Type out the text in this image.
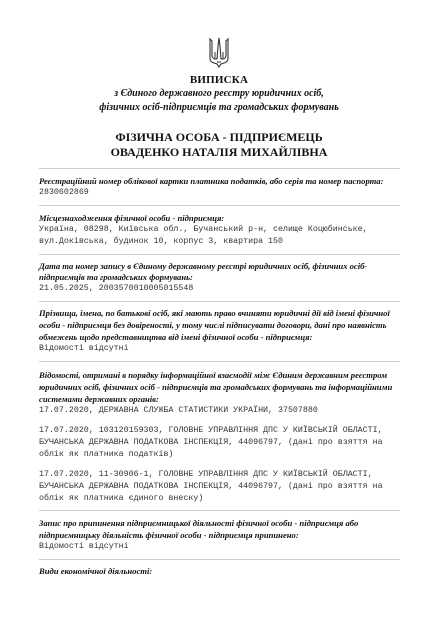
ВИПИСКА
з Єдиного державного реєстру юридичних осіб,
фізичних осіб-підприємців та громадських формувань
ФІЗИЧНА ОСОБА - ПІДПРИЄМЕЦЬ
ОВАДЕНКО НАТАЛІЯ МИХАЙЛІВНА
Реєстраційний номер облікової картки платника податків, або серія та номер паспорта:
2830602869
Місцезнаходження фізичної особи - підприємця:
Україна, 08298, Київська обл., Бучанський р-н, селище Коцюбинське,
вул.Доківська, будинок 10, корпус 3, квартира 150
Дата та номер запису в Єдиному державному реєстрі юридичних осіб, фізичних осіб-
підприємців та громадських формувань:
21.05.2025, 2003570010005015548
Прізвища, імена, по батькові осіб, які мають право вчиняти юридичні дії від імені фізичної
особи - підприємця без довіреності, у тому числі підписувати договори, дані про наявність
обмежень щодо представництва від імені фізичної особи - підприємця:
Відомості відсутні
Відомості, отримані в порядку інформаційної взаємодії між Єдиним державним реєстром
юридичних осіб, фізичних осіб - підприємців та громадських формувань та інформаційними
системами державних органів:
17.07.2020, ДЕРЖАВНА СЛУЖБА СТАТИСТИКИ УКРАЇНИ, 37507880
17.07.2020, 103120159303, ГОЛОВНЕ УПРАВЛІННЯ ДПС У КИЇВСЬКІЙ ОБЛАСТІ,
БУЧАНСЬКА ДЕРЖАВНА ПОДАТКОВА ІНСПЕКЦІЯ, 44096797, (дані про взяття на
облік як платника податків)
17.07.2020, 11-30906-1, ГОЛОВНЕ УПРАВЛІННЯ ДПС У КИЇВСЬКІЙ ОБЛАСТІ,
БУЧАНСЬКА ДЕРЖАВНА ПОДАТКОВА ІНСПЕКЦІЯ, 44096797, (дані про взяття на
облік як платника єдиного внеску)
Запис про припинення підприємницької діяльності фізичної особи - підприємця або
підприємницьку діяльність фізичної особи - підприємця припинено:
Відомості відсутні
Види економічної діяльності:
